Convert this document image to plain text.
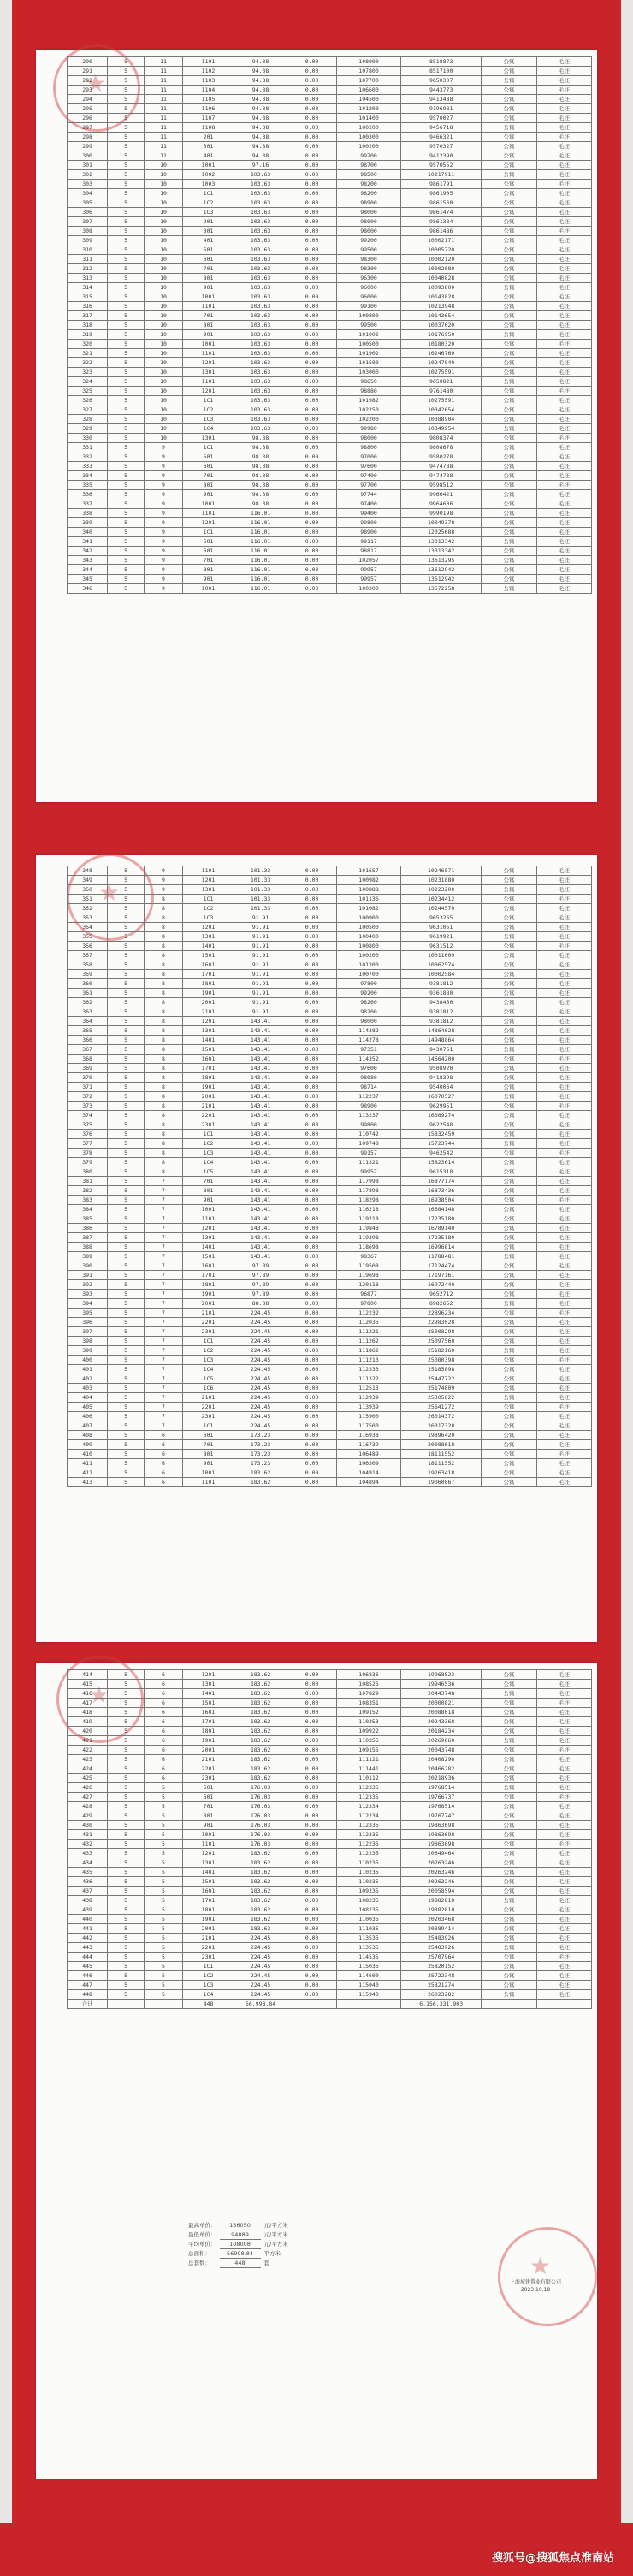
★
290	5	11	1101	94.38	0.00	108000	8518873	公寓	毛坯
291	5	11	1102	94.38	0.00	107800	8517100	公寓	毛坯
292	5	11	1103	94.38	0.00	107700	9650307	公寓	毛坯
293	5	11	1104	94.38	0.00	106600	9443773	公寓	毛坯
294	5	11	1105	94.38	0.00	104500	9413488	公寓	毛坯
295	5	11	1106	94.38	0.00	101800	9196981	公寓	毛坯
296	5	11	1107	94.38	0.00	101400	9570027	公寓	毛坯
297	5	11	1108	94.38	0.00	100200	9456718	公寓	毛坯
298	5	11	201	94.38	0.00	100300	9466321	公寓	毛坯
299	5	11	301	94.38	0.00	100200	9570327	公寓	毛坯
300	5	11	401	94.38	0.00	99700	9412390	公寓	毛坯
301	5	10	1001	97.16	0.00	98700	9570552	公寓	毛坯
302	5	10	1002	103.63	0.00	98500	10217911	公寓	毛坯
303	5	10	1003	103.63	0.00	98200	9861791	公寓	毛坯
304	5	10	1C1	103.63	0.00	98200	9861905	公寓	毛坯
305	5	10	1C2	103.63	0.00	98900	9861560	公寓	毛坯
306	5	10	1C3	103.63	0.00	98000	9861474	公寓	毛坯
307	5	10	201	103.63	0.00	98000	9861384	公寓	毛坯
308	5	10	301	103.63	0.00	98000	9861486	公寓	毛坯
309	5	10	401	103.63	0.00	99200	10002171	公寓	毛坯
310	5	10	501	103.63	0.00	99500	10005720	公寓	毛坯
311	5	10	601	103.63	0.00	98300	10002120	公寓	毛坯
312	5	10	701	103.63	0.00	98300	10002080	公寓	毛坯
313	5	10	801	103.63	0.00	96300	10040828	公寓	毛坯
314	5	10	901	103.63	0.00	96000	10093800	公寓	毛坯
315	5	10	1001	103.63	0.00	96000	10143828	公寓	毛坯
316	5	10	1101	103.63	0.00	99100	10213948	公寓	毛坯
317	5	10	701	103.63	0.00	100800	10143654	公寓	毛坯
318	5	10	801	103.63	0.00	99500	10037020	公寓	毛坯
319	5	10	901	103.63	0.00	101002	10176950	公寓	毛坯
320	5	10	1001	103.63	0.00	100500	10180320	公寓	毛坯
321	5	10	1101	103.63	0.00	101902	10246760	公寓	毛坯
322	5	10	1201	103.63	0.00	101500	10247840	公寓	毛坯
323	5	10	1301	103.63	0.00	103000	10275591	公寓	毛坯
324	5	10	1101	103.63	0.00	98650	9650821	公寓	毛坯
325	5	10	1201	103.63	0.00	98880	9761480	公寓	毛坯
326	5	10	1C1	103.63	0.00	101982	10275591	公寓	毛坯
327	5	10	1C2	103.63	0.00	102250	10342654	公寓	毛坯
328	5	10	1C3	103.63	0.00	102200	10388904	公寓	毛坯
329	5	10	1C4	103.63	0.00	99980	10349954	公寓	毛坯
330	5	10	1301	98.38	0.00	98000	9808374	公寓	毛坯
331	5	9	1C1	98.38	0.00	98800	9808678	公寓	毛坯
332	5	9	501	98.38	0.00	97000	9580278	公寓	毛坯
333	5	9	601	98.38	0.00	97600	9474788	公寓	毛坯
334	5	9	701	98.38	0.00	97400	9474788	公寓	毛坯
335	5	9	801	98.38	0.00	97700	9598512	公寓	毛坯
336	5	9	901	98.38	0.00	97744	9966421	公寓	毛坯
337	5	9	1001	98.38	0.00	97400	9964606	公寓	毛坯
338	5	9	1101	116.01	0.00	99400	9990198	公寓	毛坯
339	5	9	1201	116.01	0.00	99800	10049378	公寓	毛坯
340	5	9	1C1	116.01	0.00	98900	12025688	公寓	毛坯
341	5	9	501	116.01	0.00	99117	13313342	公寓	毛坯
342	5	9	601	116.01	0.00	98817	13313342	公寓	毛坯
343	5	9	701	116.01	0.00	102057	13613295	公寓	毛坯
344	5	9	801	116.01	0.00	99957	13612942	公寓	毛坯
345	5	9	901	116.01	0.00	99957	13612942	公寓	毛坯
346	5	9	1001	116.01	0.00	100300	13572258	公寓	毛坯
★
348	5	9	1101	101.33	0.00	101657	10246571	公寓	毛坯
349	5	9	1201	101.33	0.00	100982	10231880	公寓	毛坯
350	5	9	1301	101.33	0.00	100888	10223200	公寓	毛坯
351	5	8	1C1	101.33	0.00	101136	10234412	公寓	毛坯
352	5	8	1C2	101.33	0.00	101082	10244570	公寓	毛坯
353	5	8	1C3	91.91	0.00	100900	9653265	公寓	毛坯
354	5	8	1201	91.91	0.00	100500	9631051	公寓	毛坯
355	5	8	1301	91.91	0.00	100400	9619921	公寓	毛坯
356	5	8	1401	91.91	0.00	100800	9631512	公寓	毛坯
357	5	8	1501	91.91	0.00	100200	10011609	公寓	毛坯
358	5	8	1601	91.91	0.00	101200	10062574	公寓	毛坯
359	5	8	1701	91.91	0.00	100700	10002584	公寓	毛坯
360	5	8	1801	91.91	0.00	97800	9381812	公寓	毛坯
361	5	8	1901	91.91	0.00	99200	9361880	公寓	毛坯
362	5	8	2001	91.91	0.00	98260	9438450	公寓	毛坯
363	5	8	2101	91.91	0.00	98200	9381812	公寓	毛坯
364	5	8	1201	143.41	0.00	98000	9381812	公寓	毛坯
365	5	8	1301	143.41	0.00	114382	14864628	公寓	毛坯
366	5	8	1401	143.41	0.00	114278	14948864	公寓	毛坯
367	5	8	1501	143.41	0.00	97351	9430751	公寓	毛坯
368	5	8	1601	143.41	0.00	114352	14664200	公寓	毛坯
369	5	8	1701	143.41	0.00	97600	9508920	公寓	毛坯
370	5	8	1801	143.41	0.00	98080	9418398	公寓	毛坯
371	5	8	1901	143.41	0.00	98714	9540064	公寓	毛坯
372	5	8	2001	143.41	0.00	112237	16070527	公寓	毛坯
373	5	8	2101	143.41	0.00	98900	9629951	公寓	毛坯
374	5	8	2201	143.41	0.00	113237	16089274	公寓	毛坯
375	5	8	2301	143.41	0.00	99800	9622548	公寓	毛坯
376	5	8	1C1	143.41	0.00	110742	15832459	公寓	毛坯
377	5	8	1C2	143.41	0.00	109748	15723744	公寓	毛坯
378	5	8	1C3	143.41	0.00	99157	9462542	公寓	毛坯
379	5	8	1C4	143.41	0.00	111321	15823614	公寓	毛坯
380	5	8	1C5	143.41	0.00	99957	9615318	公寓	毛坯
381	5	7	701	143.41	0.00	117998	16877174	公寓	毛坯
382	5	7	801	143.41	0.00	117898	16873436	公寓	毛坯
383	5	7	901	143.41	0.00	118298	16938504	公寓	毛坯
384	5	7	1001	143.41	0.00	116218	16684148	公寓	毛坯
385	5	7	1101	143.41	0.00	119218	17235180	公寓	毛坯
386	5	7	1201	143.41	0.00	119848	16789140	公寓	毛坯
387	5	7	1301	143.41	0.00	119398	17235180	公寓	毛坯
388	5	7	1401	143.41	0.00	118698	16996814	公寓	毛坯
389	5	7	1501	143.41	0.00	98367	11788481	公寓	毛坯
390	5	7	1601	97.89	0.00	119508	17124474	公寓	毛坯
391	5	7	1701	97.89	0.00	119698	17197161	公寓	毛坯
392	5	7	1801	97.89	0.00	120118	16972440	公寓	毛坯
393	5	7	1901	97.89	0.00	96877	9652712	公寓	毛坯
394	5	7	2001	88.38	0.00	97800	8982652	公寓	毛坯
395	5	7	2101	224.45	0.00	112232	22896234	公寓	毛坯
396	5	7	2201	224.45	0.00	112035	22983028	公寓	毛坯
397	5	7	2301	224.45	0.00	111221	25008298	公寓	毛坯
398	5	7	1C1	224.45	0.00	111262	25097560	公寓	毛坯
399	5	7	1C2	224.45	0.00	111862	25182160	公寓	毛坯
400	5	7	1C3	224.45	0.00	111213	25080398	公寓	毛坯
401	5	7	1C4	224.45	0.00	112333	25185898	公寓	毛坯
402	5	7	1C5	224.45	0.00	111322	25447722	公寓	毛坯
403	5	7	1C6	224.45	0.00	112513	25174809	公寓	毛坯
404	5	7	2101	224.45	0.00	112939	25305622	公寓	毛坯
405	5	7	2201	224.45	0.00	113939	25641272	公寓	毛坯
406	5	7	2301	224.45	0.00	115900	26014372	公寓	毛坯
407	5	7	1C1	224.45	0.00	117500	26317328	公寓	毛坯
408	5	6	601	173.23	0.00	116938	19896420	公寓	毛坯
409	5	6	701	173.23	0.00	116739	20088618	公寓	毛坯
410	5	6	801	173.23	0.00	106489	18111552	公寓	毛坯
411	5	6	901	173.23	0.00	106309	18111552	公寓	毛坯
412	5	6	1001	183.62	0.00	104914	19263418	公寓	毛坯
413	5	6	1101	183.62	0.00	104894	19060867	公寓	毛坯
★
414	5	6	1201	183.62	0.00	106836	19968523	公寓	毛坯
415	5	6	1301	183.62	0.00	108525	19946536	公寓	毛坯
416	5	6	1401	183.62	0.00	107829	20443748	公寓	毛坯
417	5	6	1501	183.62	0.00	108351	20000821	公寓	毛坯
418	5	6	1601	183.62	0.00	109152	20088618	公寓	毛坯
419	5	6	1701	183.62	0.00	110253	20243368	公寓	毛坯
420	5	6	1801	183.62	0.00	109922	20184234	公寓	毛坯
421	5	6	1901	183.62	0.00	110355	20269860	公寓	毛坯
422	5	6	2001	183.62	0.00	109155	20043748	公寓	毛坯
423	5	6	2101	183.62	0.00	111121	20408298	公寓	毛坯
424	5	6	2201	183.62	0.00	111441	20466282	公寓	毛坯
425	5	6	2301	183.62	0.00	110112	20218936	公寓	毛坯
426	5	5	501	176.03	0.00	112335	19768514	公寓	毛坯
427	5	5	601	176.03	0.00	112335	19766737	公寓	毛坯
428	5	5	701	176.03	0.00	112334	19768514	公寓	毛坯
429	5	5	801	176.03	0.00	112234	19767747	公寓	毛坯
430	5	5	901	176.03	0.00	112335	19863698	公寓	毛坯
431	5	5	1001	176.03	0.00	112335	19863698	公寓	毛坯
432	5	5	1101	176.03	0.00	112235	19863698	公寓	毛坯
433	5	5	1201	183.62	0.00	112235	20649464	公寓	毛坯
434	5	5	1301	183.62	0.00	110235	20263246	公寓	毛坯
435	5	5	1401	183.62	0.00	110235	20263246	公寓	毛坯
436	5	5	1501	183.62	0.00	110235	20263246	公寓	毛坯
437	5	5	1601	183.62	0.00	109235	20058594	公寓	毛坯
438	5	5	1701	183.62	0.00	108235	19882810	公寓	毛坯
439	5	5	1801	183.62	0.00	108235	19882810	公寓	毛坯
440	5	5	1901	183.62	0.00	110035	20203468	公寓	毛坯
441	5	5	2001	183.62	0.00	111035	20389414	公寓	毛坯
442	5	5	2101	224.45	0.00	113535	25483926	公寓	毛坯
443	5	5	2201	224.45	0.00	113535	25483926	公寓	毛坯
444	5	5	2301	224.45	0.00	114535	25707964	公寓	毛坯
445	5	5	1C1	224.45	0.00	115035	25820152	公寓	毛坯
446	5	5	1C2	224.45	0.00	114600	25722348	公寓	毛坯
447	5	5	1C3	224.45	0.00	115040	25821274	公寓	毛坯
448	5	5	1C4	224.45	0.00	115940	26023282	公寓	毛坯
合计			448	56,998.84			6,156,331,903		
最高单价：	136050	元/平方米
最低单价：	94889	元/平方米
平均单价：	108008	元/平方米
总面积：	56998.84	平方米
总套数：	448	套
★
上海城建置业有限公司
2023.10.18
搜狐号@搜狐焦点淮南站
